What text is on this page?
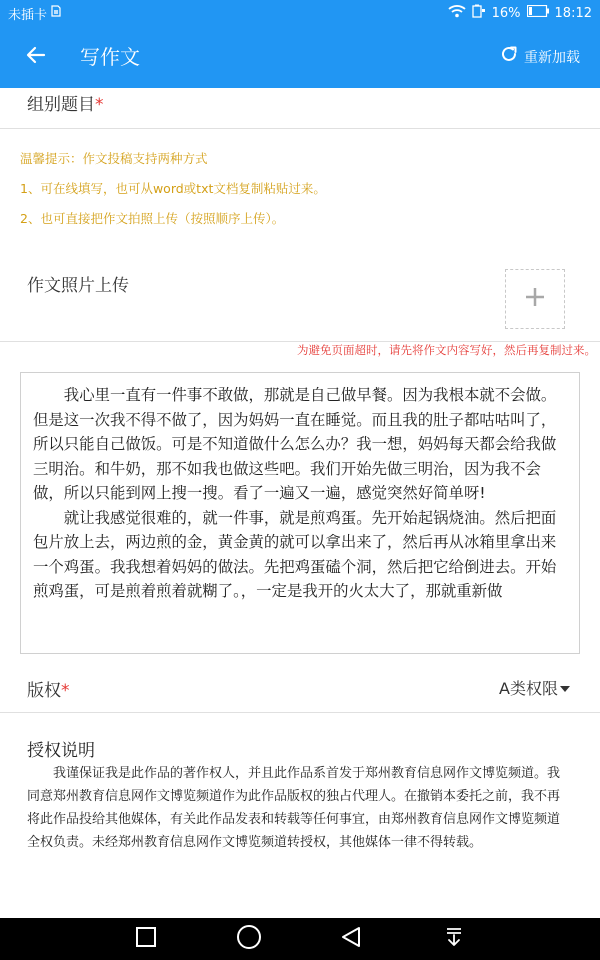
未插卡	16%	18:12
写作文	重新加载
组别题目*
温馨提示：作文投稿支持两种方式
1、可在线填写，也可从word或txt文档复制粘贴过来。
2、也可直接把作文拍照上传（按照顺序上传）。
作文照片上传
为避免页面超时，请先将作文内容写好，然后再复制过来。

我心里一直有一件事不敢做，那就是自己做早餐。因为我根本就不会做。但是这一次我不得不做了，因为妈妈一直在睡觉。而且我的肚子都咕咕叫了，所以只能自己做饭。可是不知道做什么怎么办？我一想，妈妈每天都会给我做三明治。和牛奶，那不如我也做这些吧。我们开始先做三明治，因为我不会做，所以只能到网上搜一搜。看了一遍又一遍，感觉突然好简单呀!

就让我感觉很难的，就一件事，就是煎鸡蛋。先开始起锅烧油。然后把面包片放上去，两边煎的金，黄金黄的就可以拿出来了，然后再从冰箱里拿出来一个鸡蛋。我我想着妈妈的做法。先把鸡蛋磕个洞，然后把它给倒进去。开始煎鸡蛋，可是煎着煎着就糊了。，一定是我开的火太大了，那就重新做

版权*	A类权限
授权说明

我谨保证我是此作品的著作权人，并且此作品系首发于郑州教育信息网作文博览频道。我同意郑州教育信息网作文博览频道作为此作品版权的独占代理人。在撤销本委托之前，我不再将此作品投给其他媒体，有关此作品发表和转载等任何事宜，由郑州教育信息网作文博览频道全权负责。未经郑州教育信息网作文博览频道转授权，其他媒体一律不得转载。
